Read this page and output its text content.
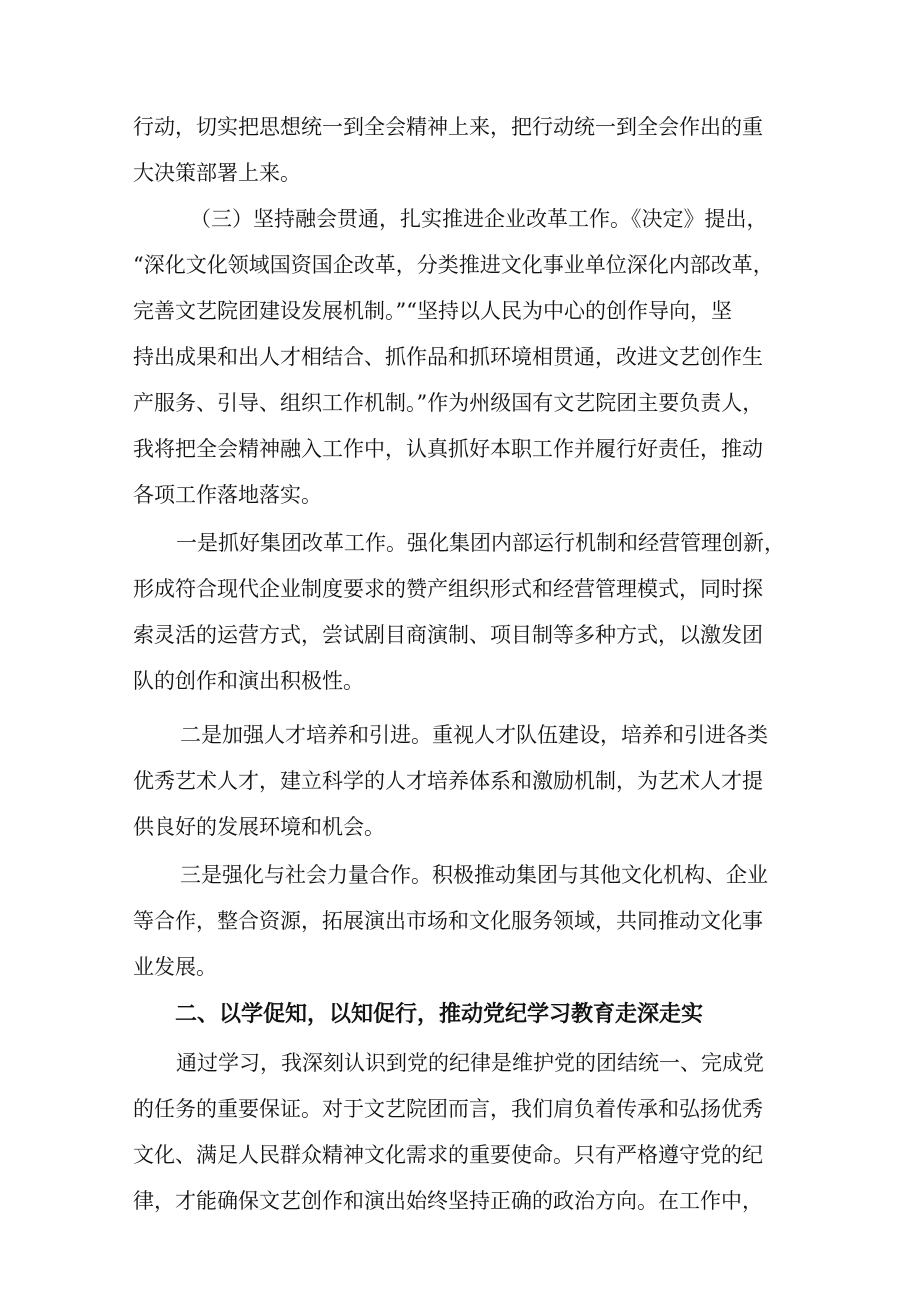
行动，切实把思想统一到全会精神上来，把行动统一到全会作出的重
大决策部署上来。
（三）坚持融会贯通，扎实推进企业改革工作。《决定》提出，
“深化文化领域国资国企改革，分类推进文化事业单位深化内部改革，
完善文艺院团建设发展机制。”“坚持以人民为中心的创作导向，坚
持出成果和出人才相结合、抓作品和抓环境相贯通，改进文艺创作生
产服务、引导、组织工作机制。”作为州级国有文艺院团主要负责人，
我将把全会精神融入工作中，认真抓好本职工作并履行好责任，推动
各项工作落地落实。
一是抓好集团改革工作。强化集团内部运行机制和经营管理创新，
形成符合现代企业制度要求的赞产组织形式和经营管理模式，同时探
索灵活的运营方式，尝试剧目商演制、项目制等多种方式，以激发团
队的创作和演出积极性。
二是加强人才培养和引进。重视人才队伍建设，培养和引进各类
优秀艺术人才，建立科学的人才培养体系和激励机制，为艺术人才提
供良好的发展环境和机会。
三是强化与社会力量合作。积极推动集团与其他文化机构、企业
等合作，整合资源，拓展演出市场和文化服务领域，共同推动文化事
业发展。
二、以学促知，以知促行，推动党纪学习教育走深走实
通过学习，我深刻认识到党的纪律是维护党的团结统一、完成党
的任务的重要保证。对于文艺院团而言，我们肩负着传承和弘扬优秀
文化、满足人民群众精神文化需求的重要使命。只有严格遵守党的纪
律，才能确保文艺创作和演出始终坚持正确的政治方向。在工作中，
